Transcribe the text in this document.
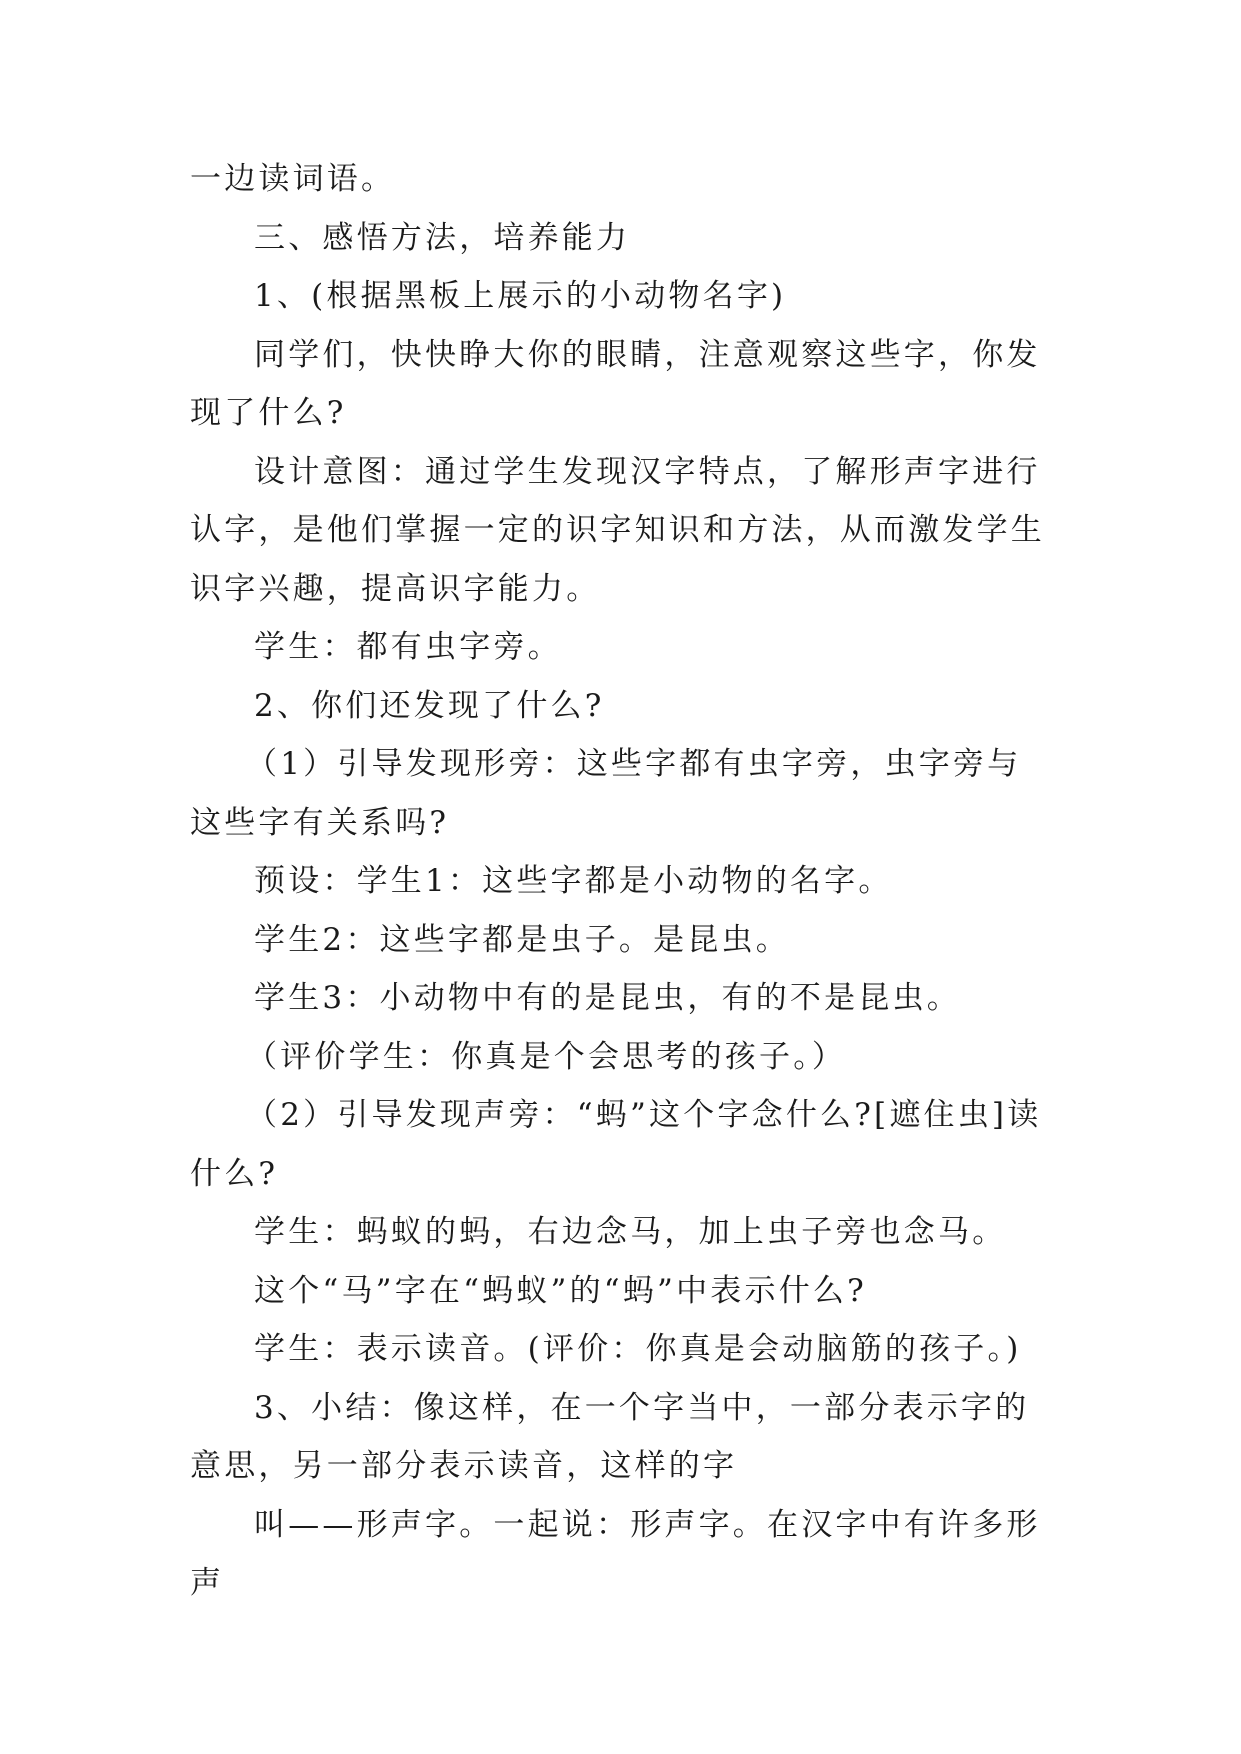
一边读词语。

三、感悟方法，培养能力

1、(根据黑板上展示的小动物名字)

同学们，快快睁大你的眼睛，注意观察这些字，你发现了什么?

设计意图：通过学生发现汉字特点，了解形声字进行认字，是他们掌握一定的识字知识和方法，从而激发学生识字兴趣，提高识字能力。

学生：都有虫字旁。

2、你们还发现了什么?

（1）引导发现形旁：这些字都有虫字旁，虫字旁与这些字有关系吗?

预设：学生1：这些字都是小动物的名字。

学生2：这些字都是虫子。是昆虫。

学生3：小动物中有的是昆虫，有的不是昆虫。

（评价学生：你真是个会思考的孩子。）

（2）引导发现声旁：“蚂”这个字念什么?[遮住虫]读什么?

学生：蚂蚁的蚂，右边念马，加上虫子旁也念马。

这个“马”字在“蚂蚁”的“蚂”中表示什么?

学生：表示读音。(评价：你真是会动脑筋的孩子。)

3、小结：像这样，在一个字当中，一部分表示字的意思，另一部分表示读音，这样的字

叫——形声字。一起说：形声字。在汉字中有许多形声
